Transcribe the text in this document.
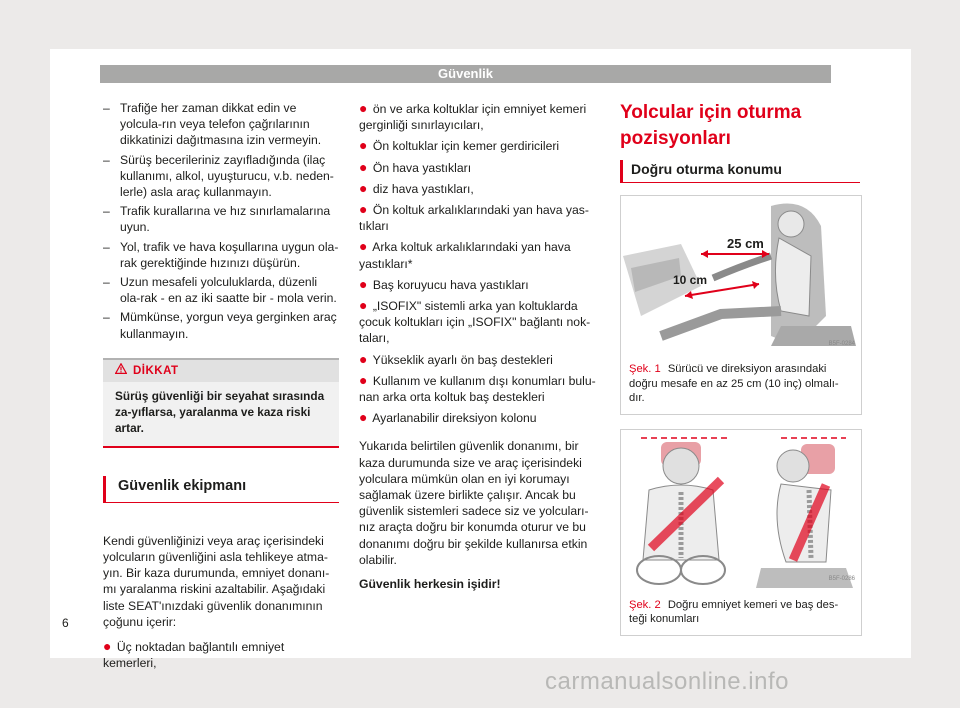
Güvenlik
– Trafiğe her zaman dikkat edin ve yolcula-rın veya telefon çağrılarının dikkatinizi dağıtmasına izin vermeyin.
– Sürüş becerileriniz zayıfladığında (ilaç kullanımı, alkol, uyuşturucu, v.b. neden-lerle) asla araç kullanmayın.
– Trafik kurallarına ve hız sınırlamalarına uyun.
– Yol, trafik ve hava koşullarına uygun ola-rak gerektiğinde hızınızı düşürün.
– Uzun mesafeli yolculuklarda, düzenli ola-rak - en az iki saatte bir - mola verin.
– Mümkünse, yorgun veya gerginken araç kullanmayın.
DİKKAT
Sürüş güvenliği bir seyahat sırasında za-yıflarsa, yaralanma ve kaza riski artar.
Güvenlik ekipmanı
Kendi güvenliğinizi veya araç içerisindeki yolcuların güvenliğini asla tehlikeye atma-yın. Bir kaza durumunda, emniyet donanı-mı yaralanma riskini azaltabilir. Aşağıdaki liste SEAT'ınızdaki güvenlik donanımının çoğunu içerir:
● Üç noktadan bağlantılı emniyet kemerleri,
● ön ve arka koltuklar için emniyet kemeri gerginliği sınırlayıcıları,
● Ön koltuklar için kemer gerdiricileri
● Ön hava yastıkları
● diz hava yastıkları,
● Ön koltuk arkalıklarındaki yan hava yas-tıkları
● Arka koltuk arkalıklarındaki yan hava yastıkları*
● Baş koruyucu hava yastıkları
● „ISOFIX" sistemli arka yan koltuklarda çocuk koltukları için „ISOFIX" bağlantı nok-taları,
● Yükseklik ayarlı ön baş destekleri
● Kullanım ve kullanım dışı konumları bulu-nan arka orta koltuk baş destekleri
● Ayarlanabilir direksiyon kolonu
Yukarıda belirtilen güvenlik donanımı, bir kaza durumunda size ve araç içerisindeki yolculara mümkün olan en iyi korumayı sağlamak üzere birlikte çalışır. Ancak bu güvenlik sistemleri sadece siz ve yolcuları-nız araçta doğru bir konumda oturur ve bu donanımı doğru bir şekilde kullanırsa etkin olabilir.
Güvenlik herkesin işidir!
Yolcular için oturma pozisyonları
Doğru oturma konumu
25 cm
10 cm
B5F-0284
Şek. 1 Sürücü ve direksiyon arasındaki doğru mesafe en az 25 cm (10 inç) olmalı-dır.
B5F-0286
Şek. 2 Doğru emniyet kemeri ve baş des-teği konumları
6
carmanualsonline.info
